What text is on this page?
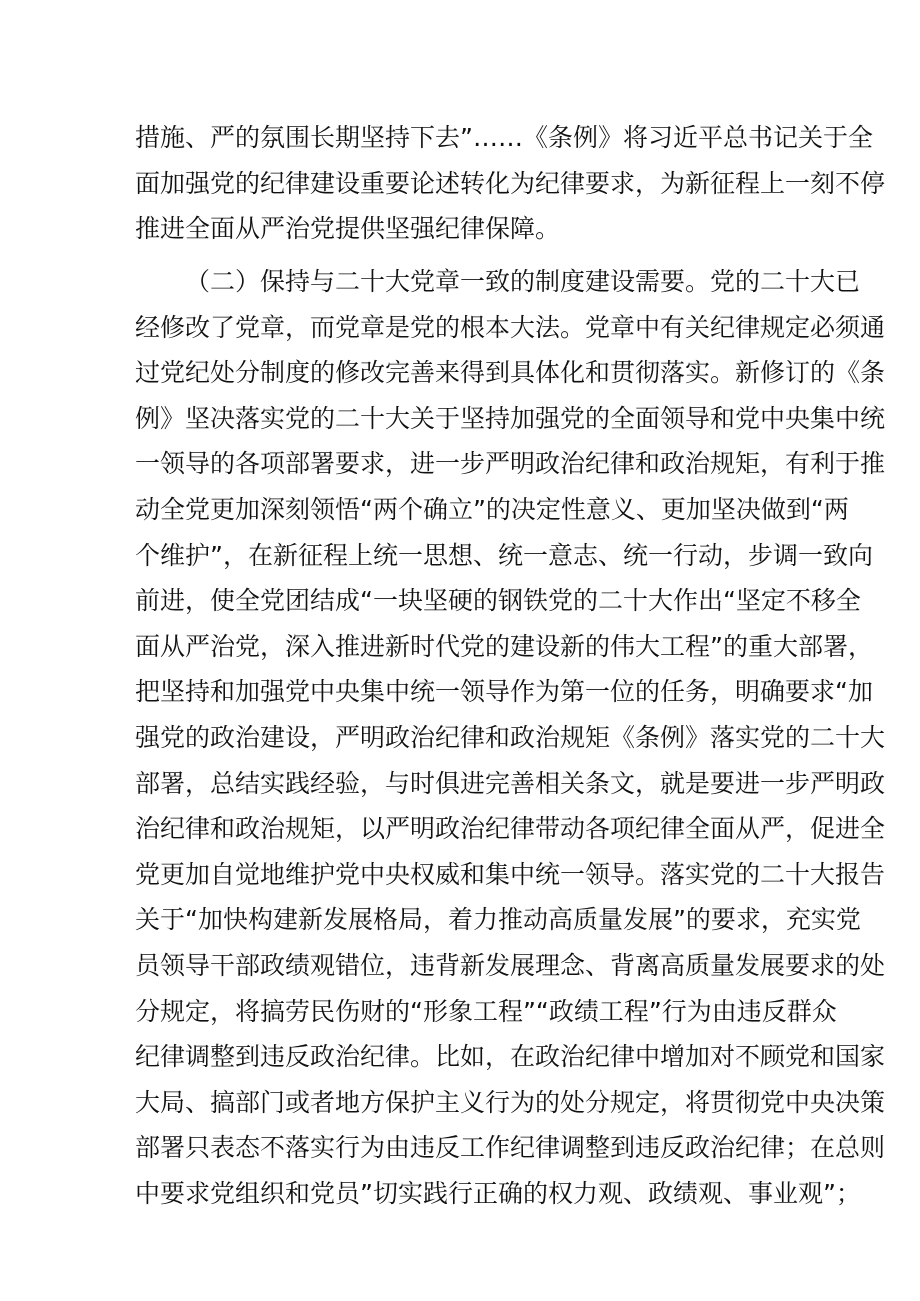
措施、严的氛围长期坚持下去”……《条例》将习近平总书记关于全
面加强党的纪律建设重要论述转化为纪律要求，为新征程上一刻不停
推进全面从严治党提供坚强纪律保障。
（二）保持与二十大党章一致的制度建设需要。党的二十大已
经修改了党章，而党章是党的根本大法。党章中有关纪律规定必须通
过党纪处分制度的修改完善来得到具体化和贯彻落实。新修订的《条
例》坚决落实党的二十大关于坚持加强党的全面领导和党中央集中统
一领导的各项部署要求，进一步严明政治纪律和政治规矩，有利于推
动全党更加深刻领悟“两个确立”的决定性意义、更加坚决做到“两
个维护”，在新征程上统一思想、统一意志、统一行动，步调一致向
前进，使全党团结成“一块坚硬的钢铁党的二十大作出“坚定不移全
面从严治党，深入推进新时代党的建设新的伟大工程”的重大部署，
把坚持和加强党中央集中统一领导作为第一位的任务，明确要求“加
强党的政治建设，严明政治纪律和政治规矩《条例》落实党的二十大
部署，总结实践经验，与时俱进完善相关条文，就是要进一步严明政
治纪律和政治规矩，以严明政治纪律带动各项纪律全面从严，促进全
党更加自觉地维护党中央权威和集中统一领导。落实党的二十大报告
关于“加快构建新发展格局，着力推动高质量发展”的要求，充实党
员领导干部政绩观错位，违背新发展理念、背离高质量发展要求的处
分规定，将搞劳民伤财的“形象工程”“政绩工程”行为由违反群众
纪律调整到违反政治纪律。比如，在政治纪律中增加对不顾党和国家
大局、搞部门或者地方保护主义行为的处分规定，将贯彻党中央决策
部署只表态不落实行为由违反工作纪律调整到违反政治纪律；在总则
中要求党组织和党员”切实践行正确的权力观、政绩观、事业观”；
